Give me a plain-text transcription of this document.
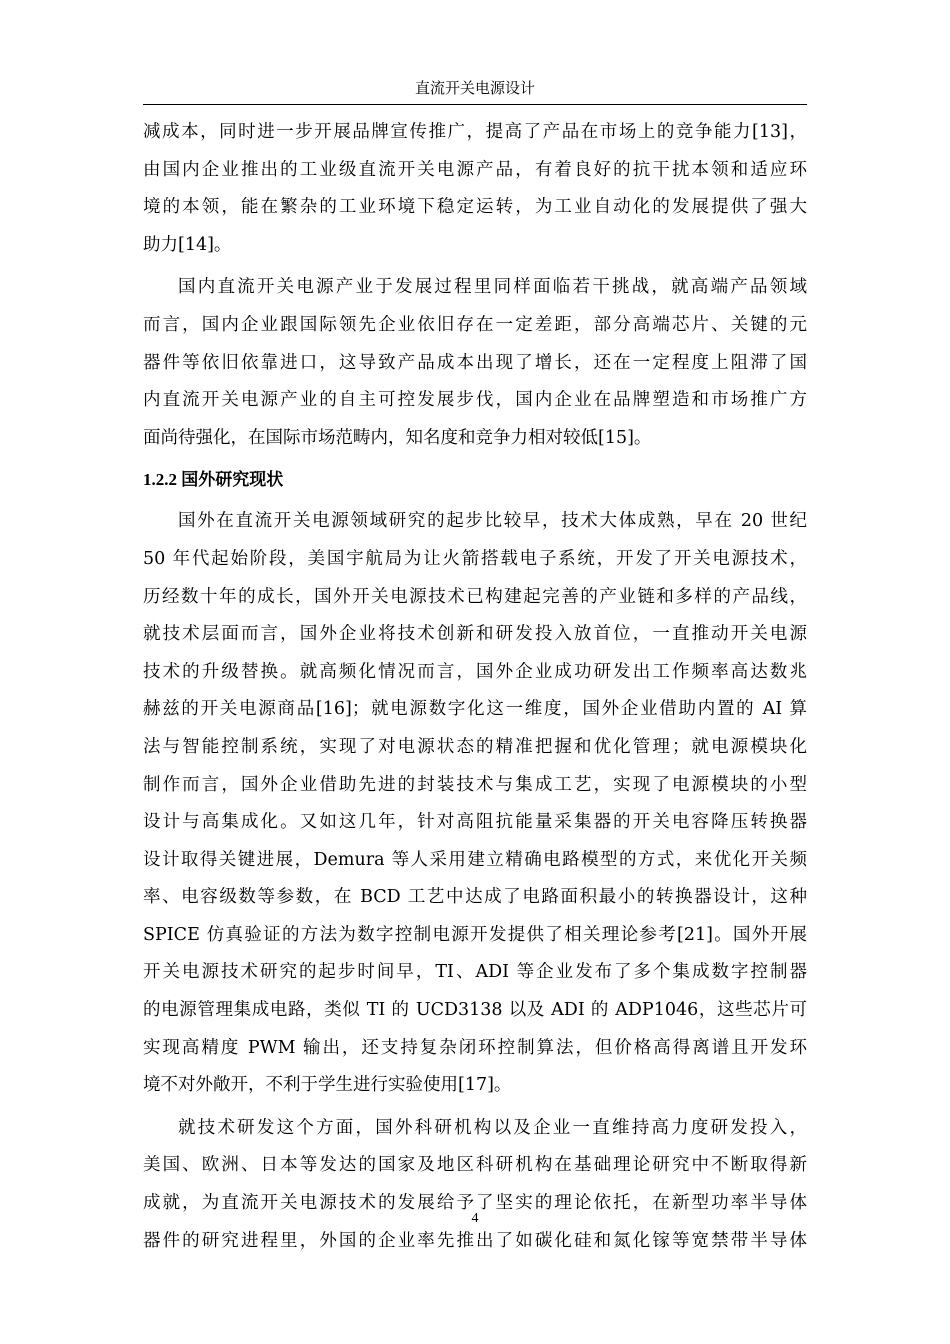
直流开关电源设计
减成本，同时进一步开展品牌宣传推广，提高了产品在市场上的竞争能力[13]，
由国内企业推出的工业级直流开关电源产品，有着良好的抗干扰本领和适应环
境的本领，能在繁杂的工业环境下稳定运转，为工业自动化的发展提供了强大
助力[14]。
国内直流开关电源产业于发展过程里同样面临若干挑战，就高端产品领域
而言，国内企业跟国际领先企业依旧存在一定差距，部分高端芯片、关键的元
器件等依旧依靠进口，这导致产品成本出现了增长，还在一定程度上阻滞了国
内直流开关电源产业的自主可控发展步伐，国内企业在品牌塑造和市场推广方
面尚待强化，在国际市场范畴内，知名度和竞争力相对较低[15]。
1.2.2 国外研究现状
国外在直流开关电源领域研究的起步比较早，技术大体成熟，早在 20 世纪
50 年代起始阶段，美国宇航局为让火箭搭载电子系统，开发了开关电源技术，
历经数十年的成长，国外开关电源技术已构建起完善的产业链和多样的产品线，
就技术层面而言，国外企业将技术创新和研发投入放首位，一直推动开关电源
技术的升级替换。就高频化情况而言，国外企业成功研发出工作频率高达数兆
赫兹的开关电源商品[16]；就电源数字化这一维度，国外企业借助内置的 AI 算
法与智能控制系统，实现了对电源状态的精准把握和优化管理；就电源模块化
制作而言，国外企业借助先进的封装技术与集成工艺，实现了电源模块的小型
设计与高集成化。又如这几年，针对高阻抗能量采集器的开关电容降压转换器
设计取得关键进展，Demura 等人采用建立精确电路模型的方式，来优化开关频
率、电容级数等参数，在 BCD 工艺中达成了电路面积最小的转换器设计，这种
SPICE 仿真验证的方法为数字控制电源开发提供了相关理论参考[21]。国外开展
开关电源技术研究的起步时间早，TI、ADI 等企业发布了多个集成数字控制器
的电源管理集成电路，类似 TI 的 UCD3138 以及 ADI 的 ADP1046，这些芯片可
实现高精度 PWM 输出，还支持复杂闭环控制算法，但价格高得离谱且开发环
境不对外敞开，不利于学生进行实验使用[17]。
就技术研发这个方面，国外科研机构以及企业一直维持高力度研发投入，
美国、欧洲、日本等发达的国家及地区科研机构在基础理论研究中不断取得新
成就，为直流开关电源技术的发展给予了坚实的理论依托，在新型功率半导体
器件的研究进程里，外国的企业率先推出了如碳化硅和氮化镓等宽禁带半导体
4
